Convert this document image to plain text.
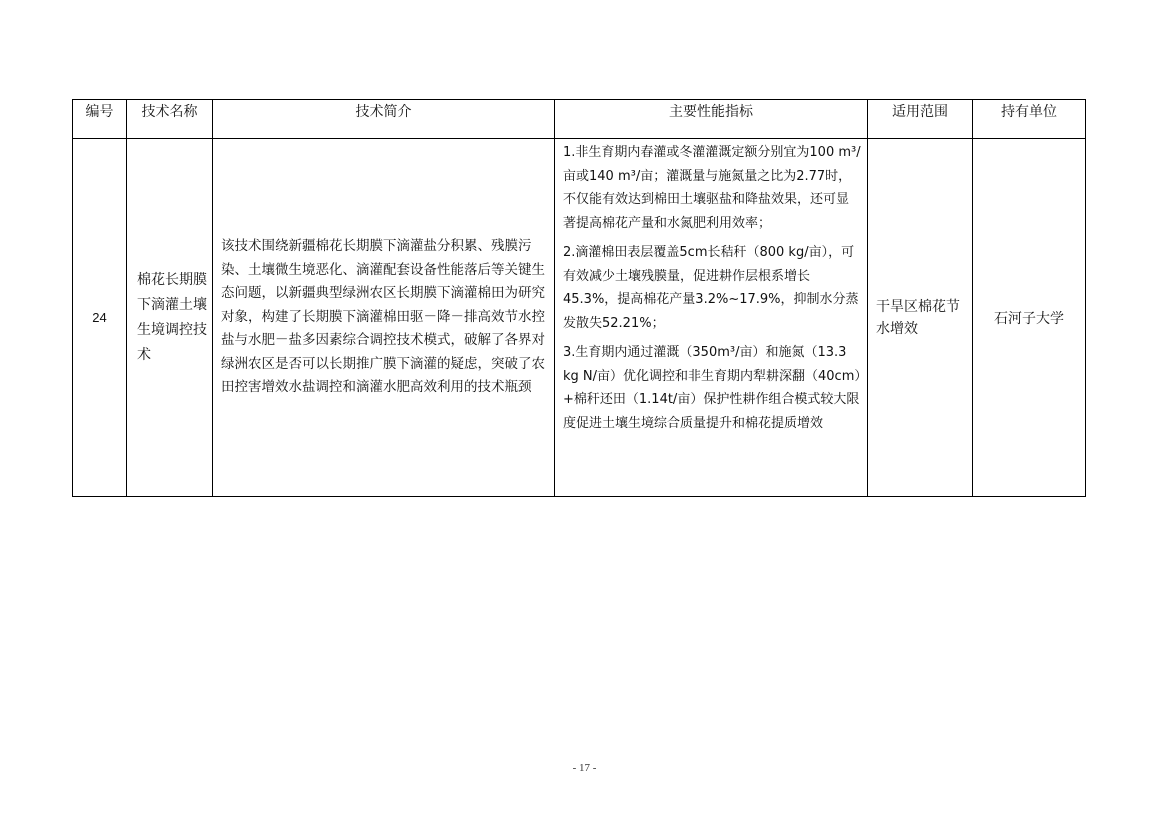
编号	技术名称	技术简介	主要性能指标	适用范围	持有单位
24	棉花长期膜下滴灌土壤生境调控技术	该技术围绕新疆棉花长期膜下滴灌盐分积累、残膜污染、土壤微生境恶化、滴灌配套设备性能落后等关键生态问题，以新疆典型绿洲农区长期膜下滴灌棉田为研究对象，构建了长期膜下滴灌棉田驱－降－排高效节水控盐与水肥－盐多因素综合调控技术模式，破解了各界对绿洲农区是否可以长期推广膜下滴灌的疑虑，突破了农田控害增效水盐调控和滴灌水肥高效利用的技术瓶颈	1.非生育期内春灌或冬灌灌溉定额分别宜为100 m³/亩或140 m³/亩；灌溉量与施氮量之比为2.77时，不仅能有效达到棉田土壤驱盐和降盐效果，还可显著提高棉花产量和水氮肥利用效率；
2.滴灌棉田表层覆盖5cm长秸秆（800 kg/亩），可有效减少土壤残膜量，促进耕作层根系增长45.3%，提高棉花产量3.2%~17.9%，抑制水分蒸发散失52.21%；
3.生育期内通过灌溉（350m³/亩）和施氮（13.3 kg N/亩）优化调控和非生育期内犁耕深翻（40cm）+棉秆还田（1.14t/亩）保护性耕作组合模式较大限度促进土壤生境综合质量提升和棉花提质增效	干旱区棉花节水增效	石河子大学
- 17 -
